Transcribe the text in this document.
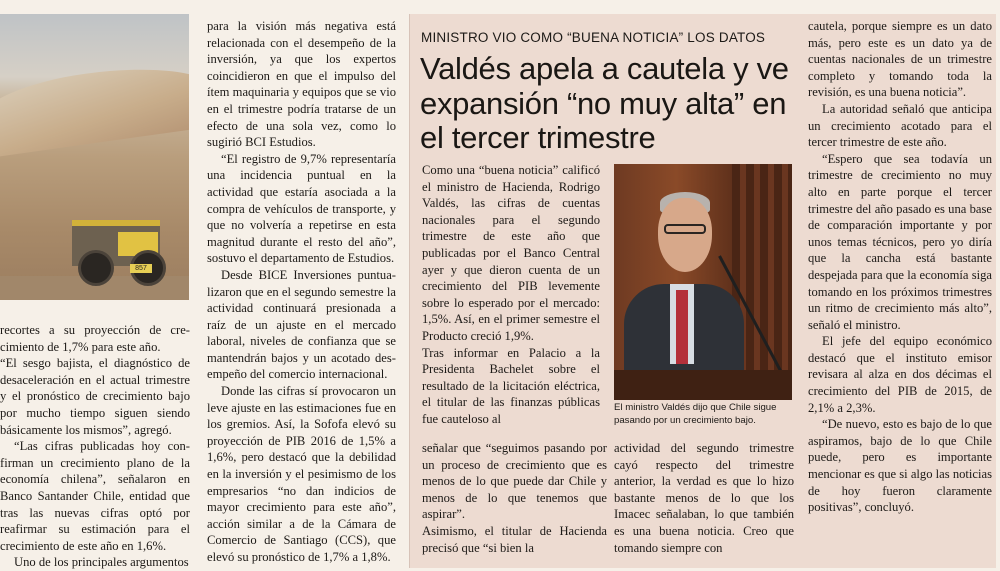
857

recortes a su proyección de crecimiento de 1,7% para este año.

“El sesgo bajista, el diagnóstico de desaceleración en el actual trimestre y el pronóstico de crecimiento bajo por mucho tiempo siguen siendo básicamente los mismos”, agregó.

“Las cifras publicadas hoy confirman un crecimiento plano de la economía chilena”, señalaron en Banco Santander Chile, entidad que tras las nuevas cifras optó por reafirmar su estimación para el crecimiento de este año en 1,6%.

Uno de los principales argumentos

para la visión más negativa está relacionada con el desempeño de la inversión, ya que los expertos coincidieron en que el impulso del ítem maquinaria y equipos que se vio en el trimestre podría tratarse de un efecto de una sola vez, como lo sugirió BCI Estudios.

“El registro de 9,7% representaría una incidencia puntual en la actividad que estaría asociada a la compra de vehículos de transporte, y que no volvería a repetirse en esta magnitud durante el resto del año”, sostuvo el departamento de Estudios.

Desde BICE Inversiones puntualizaron que en el segundo semestre la actividad continuará presionada a raíz de un ajuste en el mercado laboral, niveles de confianza que se mantendrán bajos y un acotado desempeño del comercio internacional.

Donde las cifras sí provocaron un leve ajuste en las estimaciones fue en los gremios. Así, la Sofofa elevó su proyección de PIB 2016 de 1,5% a 1,6%, pero destacó que la debilidad en la inversión y el pesimismo de los empresarios “no dan indicios de mayor crecimiento para este año”, acción similar a de la Cámara de Comercio de Santiago (CCS), que elevó su pronóstico de 1,7% a 1,8%.

MINISTRO VIO COMO “BUENA NOTICIA” LOS DATOS
Valdés apela a cautela y ve expansión “no muy alta” en el tercer trimestre

Como una “buena noticia” calificó el ministro de Hacienda, Rodrigo Valdés, las cifras de cuentas nacionales para el segundo trimestre de este año que publicadas por el Banco Central ayer y que dieron cuenta de un crecimiento del PIB levemente sobre lo esperado por el mercado: 1,5%. Así, en el primer semestre el Producto creció 1,9%.

Tras informar en Palacio a la Presidenta Bachelet sobre el resultado de la licitación eléctrica, el titular de las finanzas públicas fue cauteloso al

señalar que “seguimos pasando por un proceso de crecimiento que es menos de lo que puede dar Chile y menos de lo que tenemos que aspirar”.

Asimismo, el titular de Hacienda precisó que “si bien la

El ministro Valdés dijo que Chile sigue pasando por un crecimiento bajo.

actividad del segundo trimestre cayó respecto del trimestre anterior, la verdad es que lo hizo bastante menos de lo que los Imacec señalaban, lo que también es una buena noticia. Creo que tomando siempre con

cautela, porque siempre es un dato más, pero este es un dato ya de cuentas nacionales de un trimestre completo y tomando toda la revisión, es una buena noticia”.

La autoridad señaló que anticipa un crecimiento acotado para el tercer trimestre de este año.

“Espero que sea todavía un trimestre de crecimiento no muy alto en parte porque el tercer trimestre del año pasado es una base de comparación importante y por unos temas técnicos, pero yo diría que la cancha está bastante despejada para que la economía siga tomando en los próximos trimestres un ritmo de crecimiento más alto”, señaló el ministro.

El jefe del equipo económico destacó que el instituto emisor revisara al alza en dos décimas el crecimiento del PIB de 2015, de 2,1% a 2,3%.

“De nuevo, esto es bajo de lo que aspiramos, bajo de lo que Chile puede, pero es importante mencionar es que si algo las noticias de hoy fueron claramente positivas”, concluyó.
